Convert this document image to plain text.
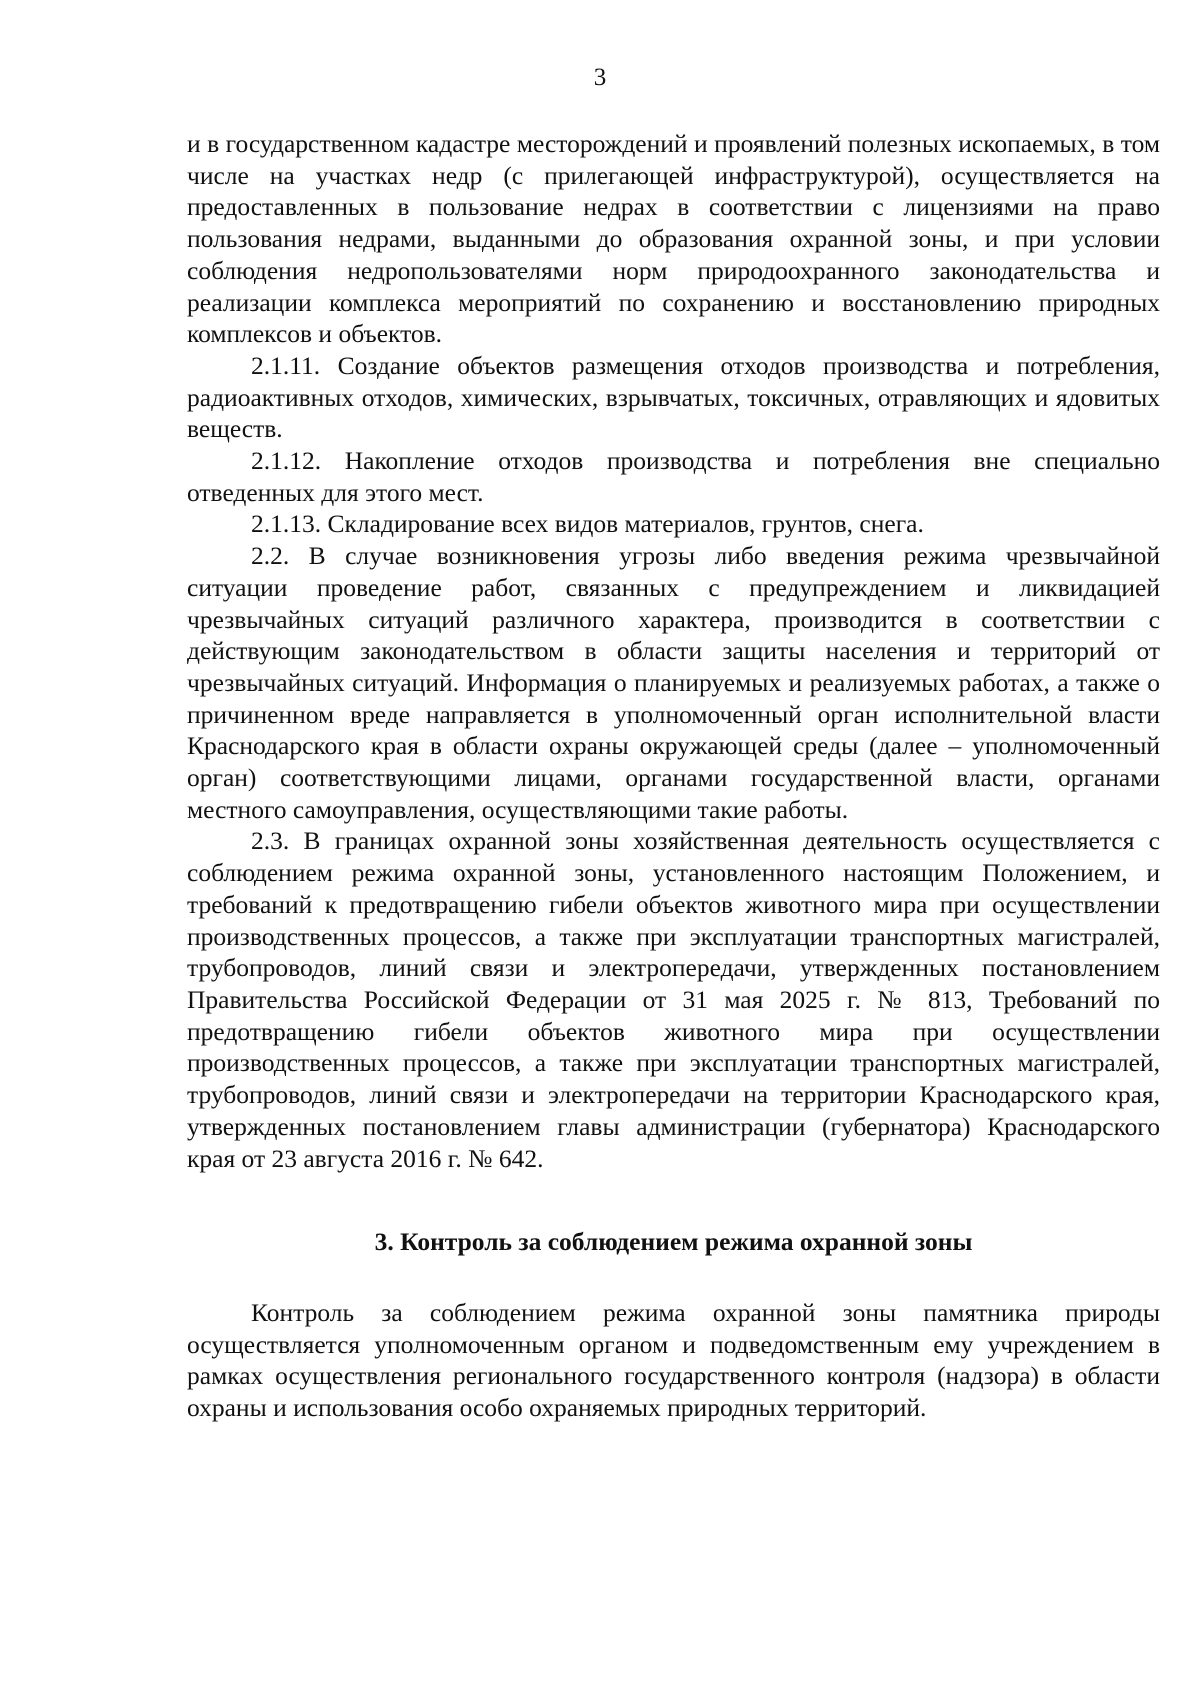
3

и в государственном кадастре месторождений и проявлений полезных ископаемых, в том числе на участках недр (с прилегающей инфраструктурой), осуществляется на предоставленных в пользование недрах в соответствии с лицензиями на право пользования недрами, выданными до образования охранной зоны, и при условии соблюдения недропользователями норм природоохранного законодательства и реализации комплекса мероприятий по сохранению и восстановлению природных комплексов и объектов.

2.1.11. Создание объектов размещения отходов производства и потребления, радиоактивных отходов, химических, взрывчатых, токсичных, отравляющих и ядовитых веществ.

2.1.12. Накопление отходов производства и потребления вне специально отведенных для этого мест.

2.1.13. Складирование всех видов материалов, грунтов, снега.

2.2. В случае возникновения угрозы либо введения режима чрезвычайной ситуации проведение работ, связанных с предупреждением и ликвидацией чрезвычайных ситуаций различного характера, производится в соответствии с действующим законодательством в области защиты населения и территорий от чрезвычайных ситуаций. Информация о планируемых и реализуемых работах, а также о причиненном вреде направляется в уполномоченный орган исполнительной власти Краснодарского края в области охраны окружающей среды (далее – уполномоченный орган) соответствующими лицами, органами государственной власти, органами местного самоуправления, осуществляющими такие работы.

2.3. В границах охранной зоны хозяйственная деятельность осуществляется с соблюдением режима охранной зоны, установленного настоящим Положением, и требований к предотвращению гибели объектов животного мира при осуществлении производственных процессов, а также при эксплуатации транспортных магистралей, трубопроводов, линий связи и электропередачи, утвержденных постановлением Правительства Российской Федерации от 31 мая 2025 г. № 813, Требований по предотвращению гибели объектов животного мира при осуществлении производственных процессов, а также при эксплуатации транспортных магистралей, трубопроводов, линий связи и электропередачи на территории Краснодарского края, утвержденных постановлением главы администрации (губернатора) Краснодарского края от 23 августа 2016 г. № 642.

3. Контроль за соблюдением режима охранной зоны

Контроль за соблюдением режима охранной зоны памятника природы осуществляется уполномоченным органом и подведомственным ему учреждением в рамках осуществления регионального государственного контроля (надзора) в области охраны и использования особо охраняемых природных территорий.
